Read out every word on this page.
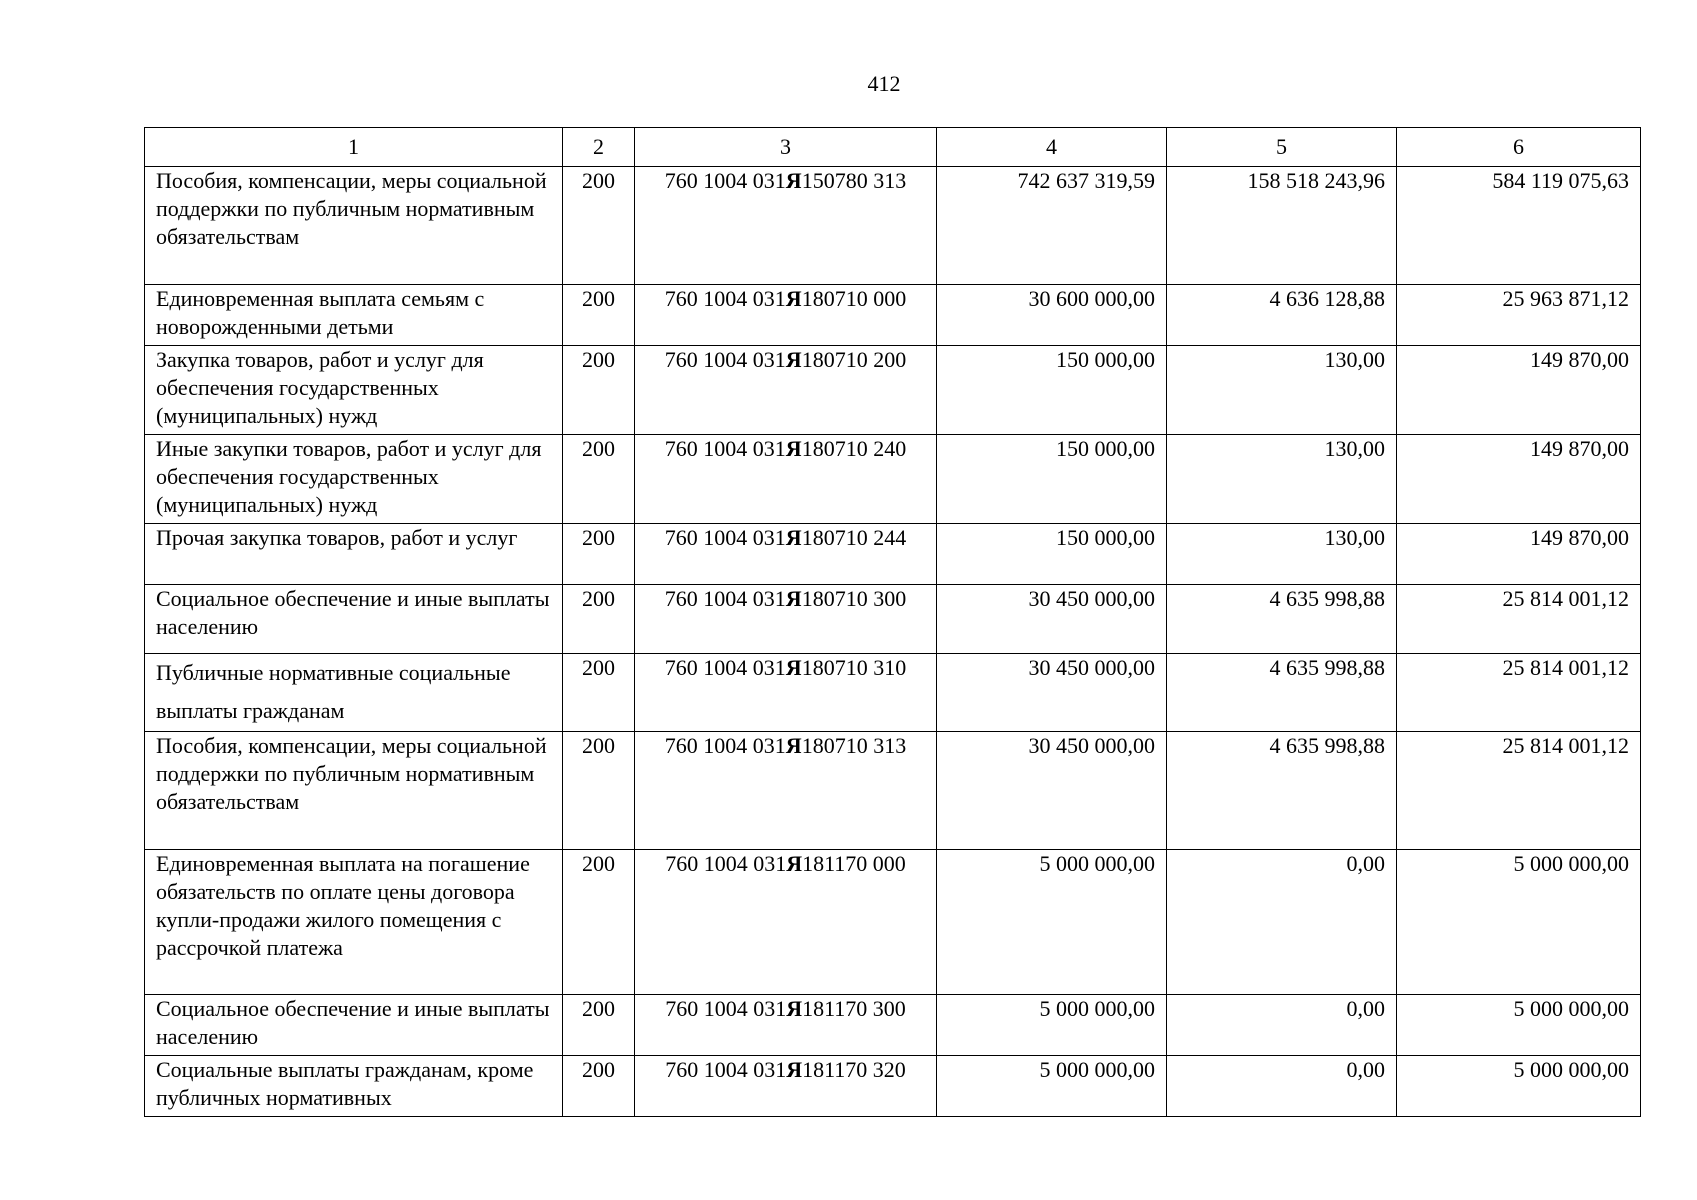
412
1	2	3	4	5	6
Пособия, компенсации, меры социальной поддержки по публичным нормативным обязательствам	200	760 1004 031Я150780 313	742 637 319,59	158 518 243,96	584 119 075,63
Единовременная выплата семьям с новорожденными детьми	200	760 1004 031Я180710 000	30 600 000,00	4 636 128,88	25 963 871,12
Закупка товаров, работ и услуг для обеспечения государственных (муниципальных) нужд	200	760 1004 031Я180710 200	150 000,00	130,00	149 870,00
Иные закупки товаров, работ и услуг для обеспечения государственных (муниципальных) нужд	200	760 1004 031Я180710 240	150 000,00	130,00	149 870,00
Прочая закупка товаров, работ и услуг	200	760 1004 031Я180710 244	150 000,00	130,00	149 870,00
Социальное обеспечение и иные выплаты населению	200	760 1004 031Я180710 300	30 450 000,00	4 635 998,88	25 814 001,12
Публичные нормативные социальные выплаты гражданам	200	760 1004 031Я180710 310	30 450 000,00	4 635 998,88	25 814 001,12
Пособия, компенсации, меры социальной поддержки по публичным нормативным обязательствам	200	760 1004 031Я180710 313	30 450 000,00	4 635 998,88	25 814 001,12
Единовременная выплата на погашение обязательств по оплате цены договора купли-продажи жилого помещения с рассрочкой платежа	200	760 1004 031Я181170 000	5 000 000,00	0,00	5 000 000,00
Социальное обеспечение и иные выплаты населению	200	760 1004 031Я181170 300	5 000 000,00	0,00	5 000 000,00
Социальные выплаты гражданам, кроме публичных нормативных	200	760 1004 031Я181170 320	5 000 000,00	0,00	5 000 000,00
